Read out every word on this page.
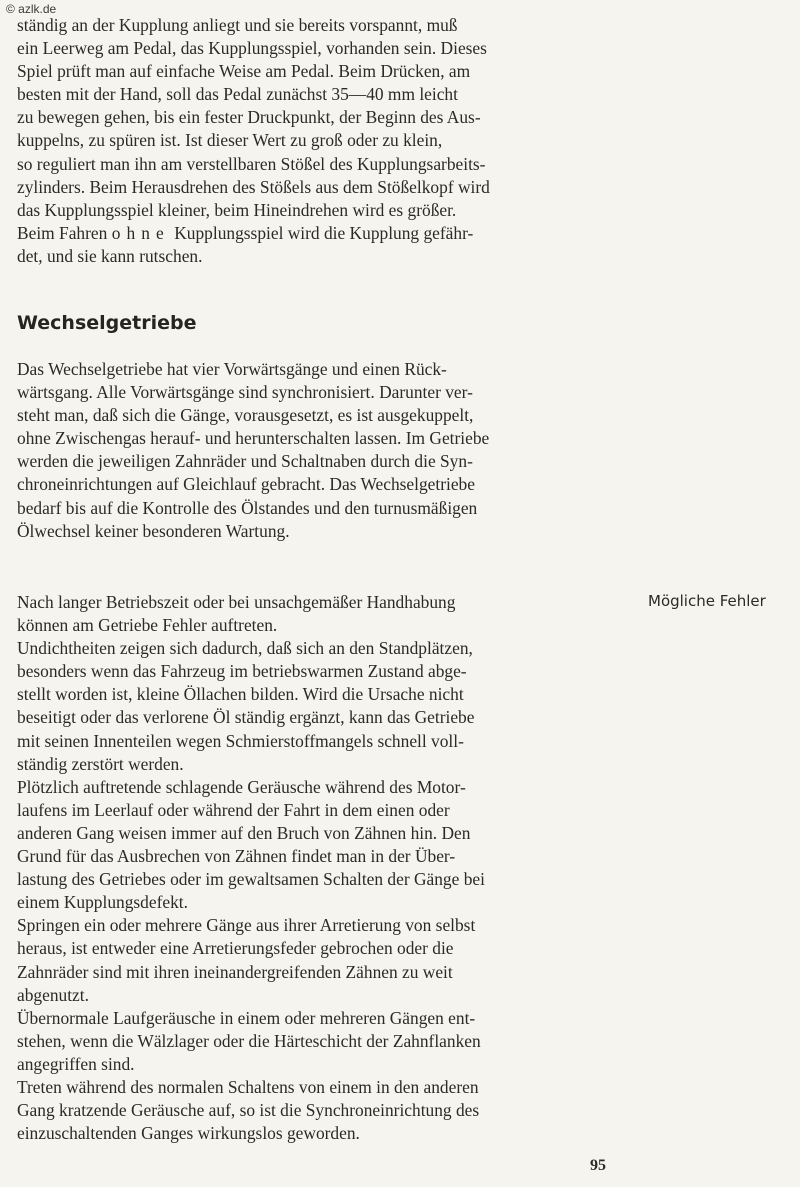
© azlk.de

ständig an der Kupplung anliegt und sie bereits vorspannt, muß

ein Leerweg am Pedal, das Kupplungsspiel, vorhanden sein. Dieses

Spiel prüft man auf einfache Weise am Pedal. Beim Drücken, am

besten mit der Hand, soll das Pedal zunächst 35—40 mm leicht

zu bewegen gehen, bis ein fester Druckpunkt, der Beginn des Aus-

kuppelns, zu spüren ist. Ist dieser Wert zu groß oder zu klein,

so reguliert man ihn am verstellbaren Stößel des Kupplungsarbeits-

zylinders. Beim Herausdrehen des Stößels aus dem Stößelkopf wird

das Kupplungsspiel kleiner, beim Hineindrehen wird es größer.

Beim Fahren ohne Kupplungsspiel wird die Kupplung gefähr-

det, und sie kann rutschen.

Wechselgetriebe

Das Wechselgetriebe hat vier Vorwärtsgänge und einen Rück-

wärtsgang. Alle Vorwärtsgänge sind synchronisiert. Darunter ver-

steht man, daß sich die Gänge, vorausgesetzt, es ist ausgekuppelt,

ohne Zwischengas herauf- und herunterschalten lassen. Im Getriebe

werden die jeweiligen Zahnräder und Schaltnaben durch die Syn-

chroneinrichtungen auf Gleichlauf gebracht. Das Wechselgetriebe

bedarf bis auf die Kontrolle des Ölstandes und den turnusmäßigen

Ölwechsel keiner besonderen Wartung.

Mögliche Fehler

Nach langer Betriebszeit oder bei unsachgemäßer Handhabung

können am Getriebe Fehler auftreten.

Undichtheiten zeigen sich dadurch, daß sich an den Standplätzen,

besonders wenn das Fahrzeug im betriebswarmen Zustand abge-

stellt worden ist, kleine Öllachen bilden. Wird die Ursache nicht

beseitigt oder das verlorene Öl ständig ergänzt, kann das Getriebe

mit seinen Innenteilen wegen Schmierstoffmangels schnell voll-

ständig zerstört werden.

Plötzlich auftretende schlagende Geräusche während des Motor-

laufens im Leerlauf oder während der Fahrt in dem einen oder

anderen Gang weisen immer auf den Bruch von Zähnen hin. Den

Grund für das Ausbrechen von Zähnen findet man in der Über-

lastung des Getriebes oder im gewaltsamen Schalten der Gänge bei

einem Kupplungsdefekt.

Springen ein oder mehrere Gänge aus ihrer Arretierung von selbst

heraus, ist entweder eine Arretierungsfeder gebrochen oder die

Zahnräder sind mit ihren ineinandergreifenden Zähnen zu weit

abgenutzt.

Übernormale Laufgeräusche in einem oder mehreren Gängen ent-

stehen, wenn die Wälzlager oder die Härteschicht der Zahnflanken

angegriffen sind.

Treten während des normalen Schaltens von einem in den anderen

Gang kratzende Geräusche auf, so ist die Synchroneinrichtung des

einzuschaltenden Ganges wirkungslos geworden.

95
